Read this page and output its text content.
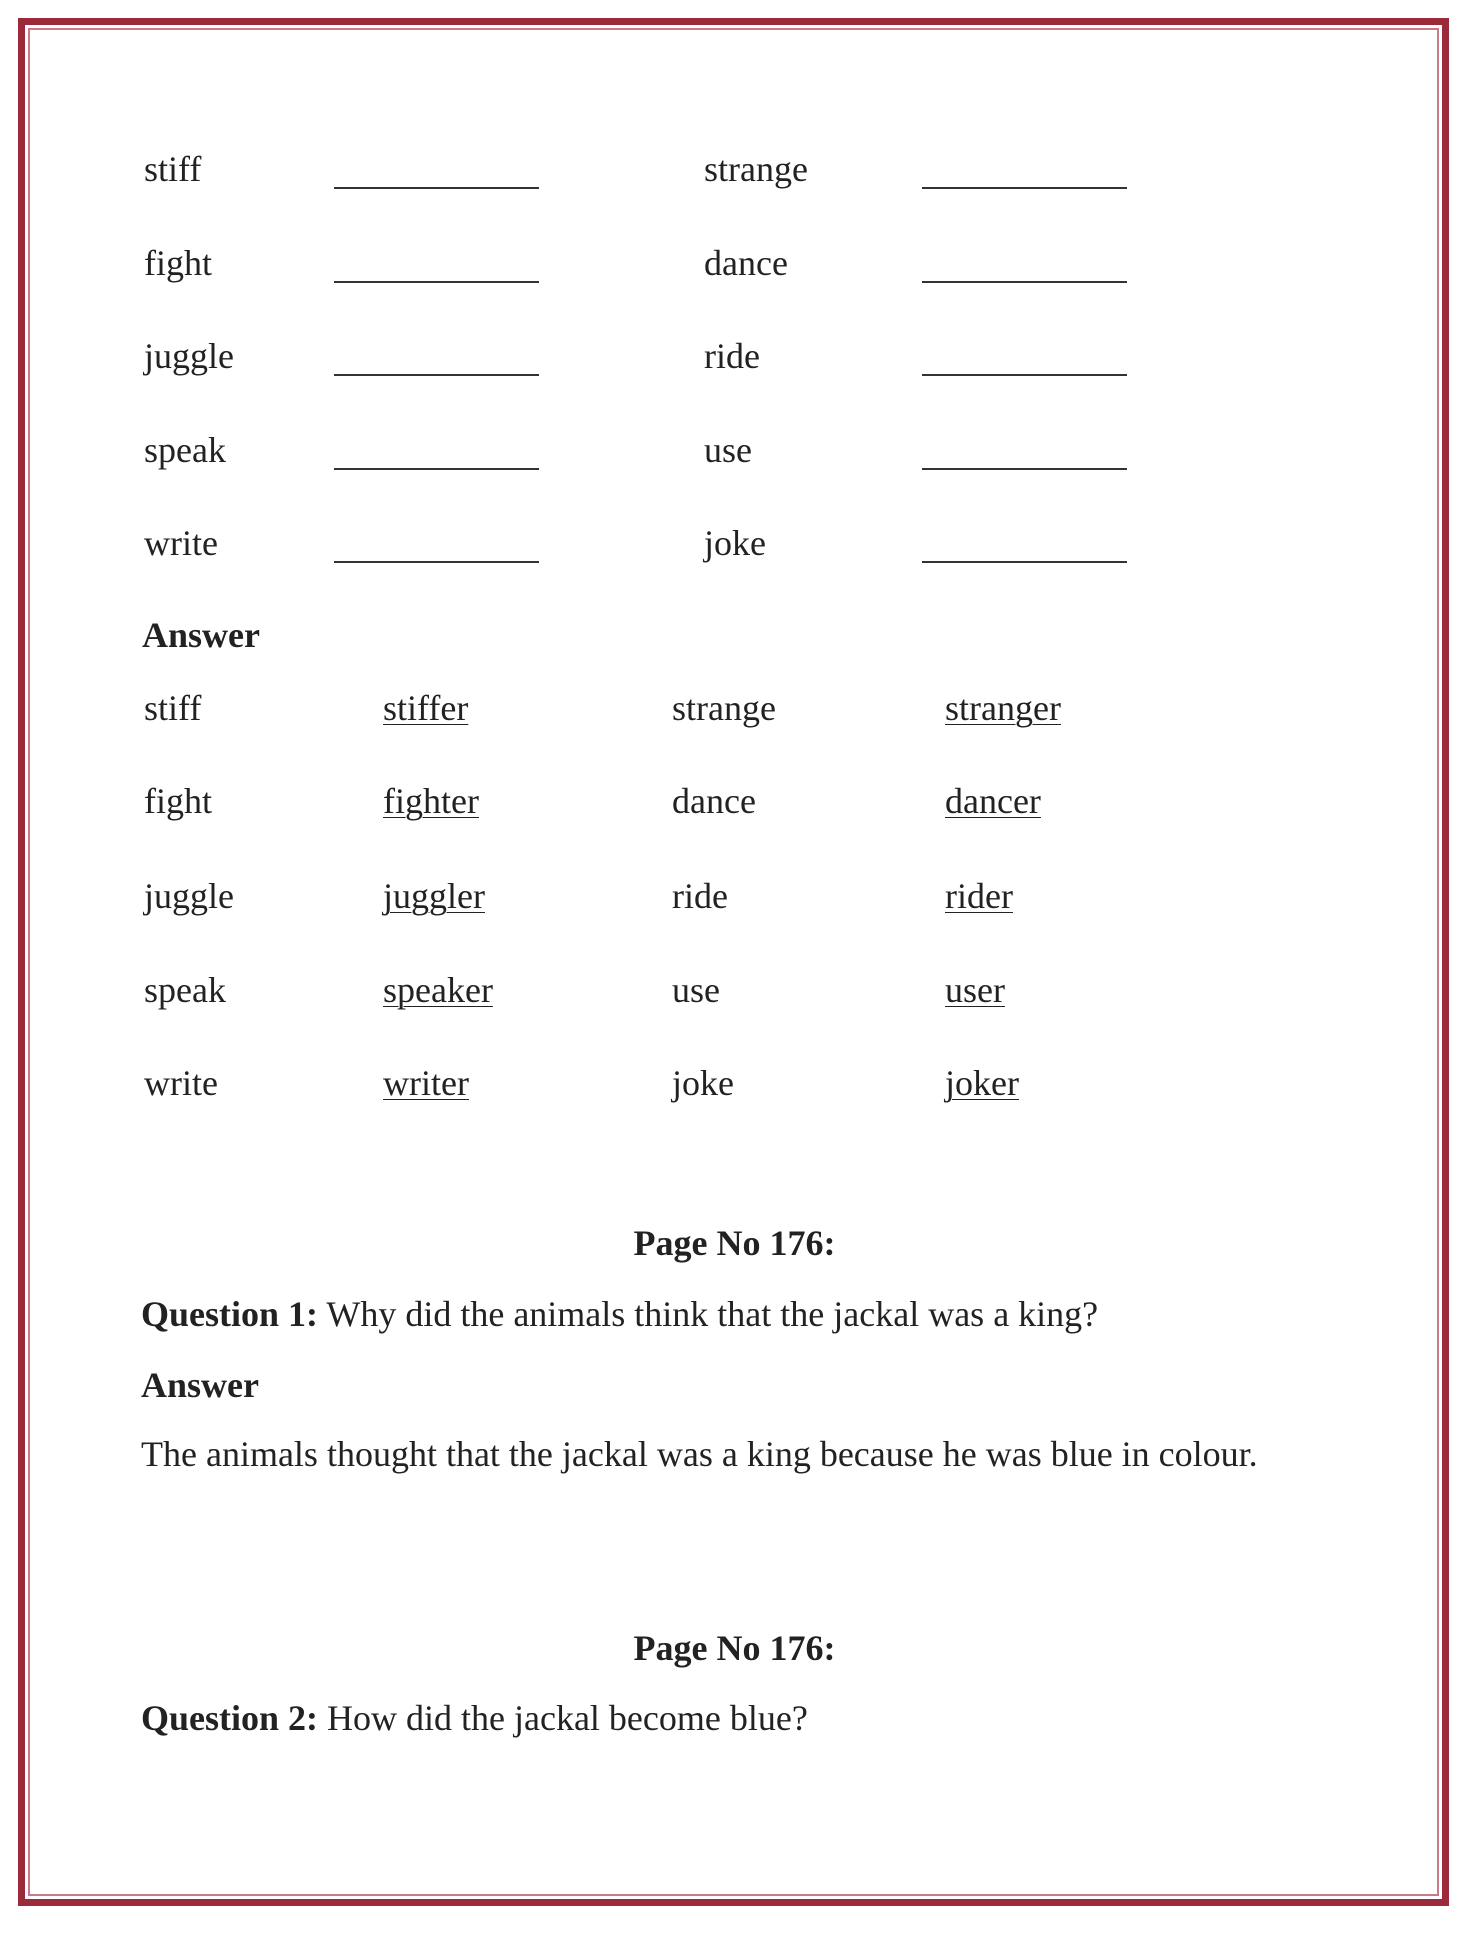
stiff	strange
fight	dance
juggle	ride
speak	use
write	joke
Answer
stiff	stiffer	strange	stranger
fight	fighter	dance	dancer
juggle	juggler	ride	rider
speak	speaker	use	user
write	writer	joke	joker
Page No 176:
Question 1: Why did the animals think that the jackal was a king?
Answer
The animals thought that the jackal was a king because he was blue in colour.
Page No 176:
Question 2: How did the jackal become blue?
